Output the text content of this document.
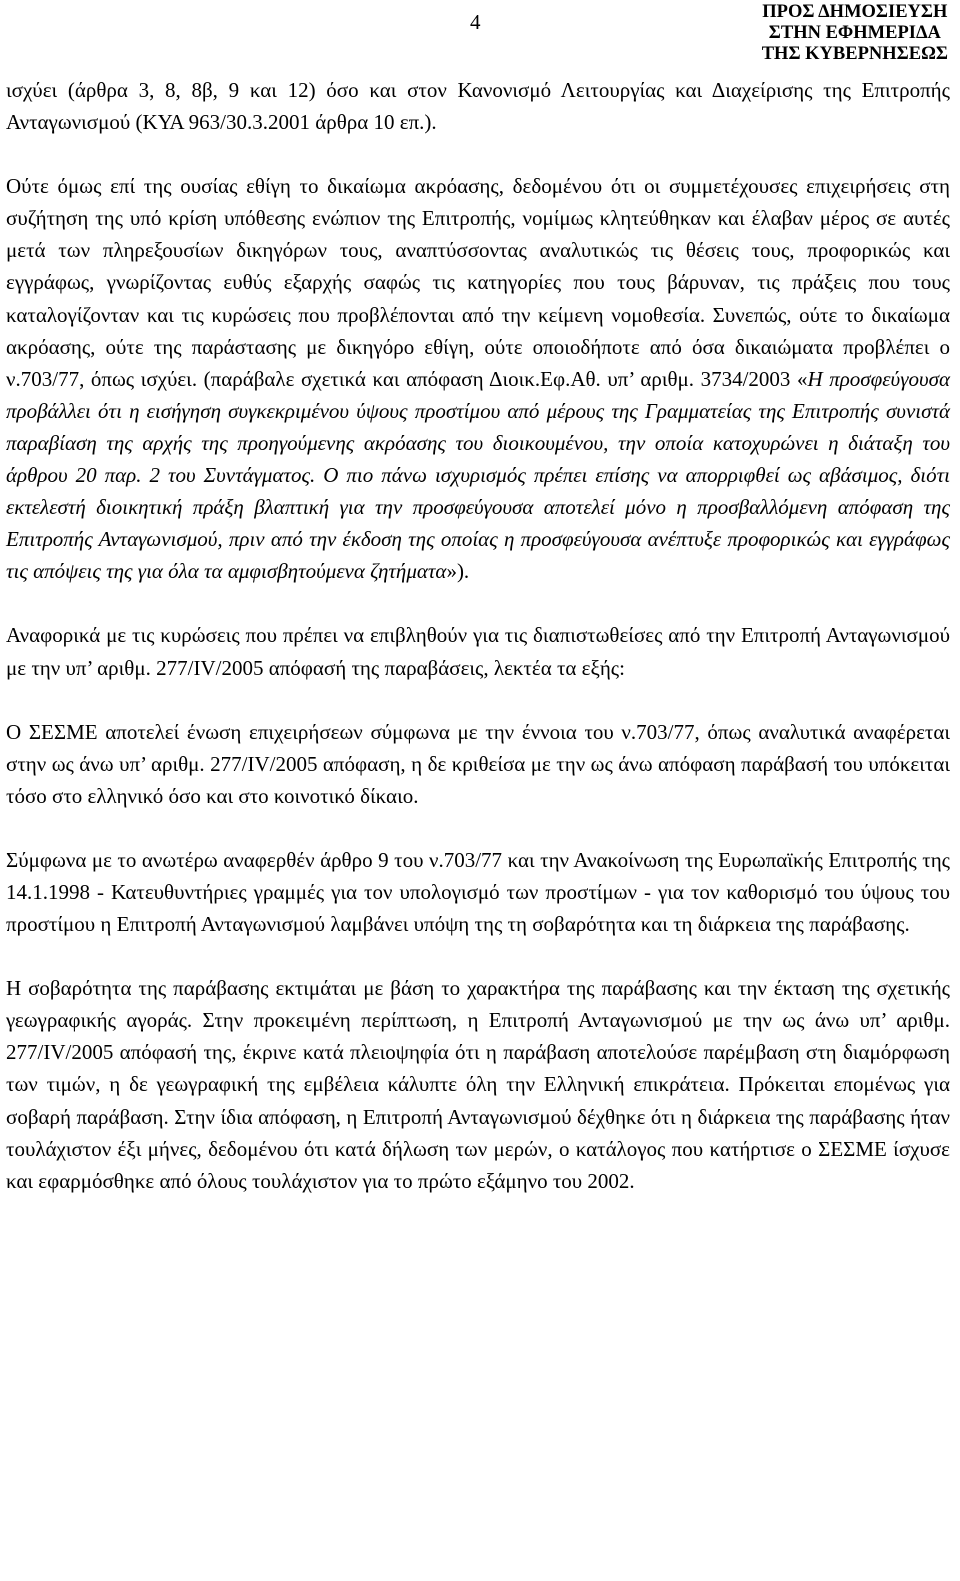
4	ΠΡΟΣ ΔΗΜΟΣΙΕΥΣΗ
ΣΤΗΝ ΕΦΗΜΕΡΙΔΑ
ΤΗΣ ΚΥΒΕΡΝΗΣΕΩΣ

ισχύει (άρθρα 3, 8, 8β, 9 και 12) όσο και στον Κανονισμό Λειτουργίας και Διαχείρισης της Επιτροπής Ανταγωνισμού (ΚΥΑ 963/30.3.2001 άρθρα 10 επ.).

Ούτε όμως επί της ουσίας εθίγη το δικαίωμα ακρόασης, δεδομένου ότι οι συμμετέχουσες επιχειρήσεις στη συζήτηση της υπό κρίση υπόθεσης ενώπιον της Επιτροπής, νομίμως κλητεύθηκαν και έλαβαν μέρος σε αυτές μετά των πληρεξουσίων δικηγόρων τους, αναπτύσσοντας αναλυτικώς τις θέσεις τους, προφορικώς και εγγράφως, γνωρίζοντας ευθύς εξαρχής σαφώς τις κατηγορίες που τους βάρυναν, τις πράξεις που τους καταλογίζονταν και τις κυρώσεις που προβλέπονται από την κείμενη νομοθεσία. Συνεπώς, ούτε το δικαίωμα ακρόασης, ούτε της παράστασης με δικηγόρο εθίγη, ούτε οποιοδήποτε από όσα δικαιώματα προβλέπει ο ν.703/77, όπως ισχύει. (παράβαλε σχετικά και απόφαση Διοικ.Εφ.Αθ. υπ’ αριθμ. 3734/2003 «Η προσφεύγουσα προβάλλει ότι η εισήγηση συγκεκριμένου ύψους προστίμου από μέρους της Γραμματείας της Επιτροπής συνιστά παραβίαση της αρχής της προηγούμενης ακρόασης του διοικουμένου, την οποία κατοχυρώνει η διάταξη του άρθρου 20 παρ. 2 του Συντάγματος. Ο πιο πάνω ισχυρισμός πρέπει επίσης να απορριφθεί ως αβάσιμος, διότι εκτελεστή διοικητική πράξη βλαπτική για την προσφεύγουσα αποτελεί μόνο η προσβαλλόμενη απόφαση της Επιτροπής Ανταγωνισμού, πριν από την έκδοση της οποίας η προσφεύγουσα ανέπτυξε προφορικώς και εγγράφως τις απόψεις της για όλα τα αμφισβητούμενα ζητήματα»).

Αναφορικά με τις κυρώσεις που πρέπει να επιβληθούν για τις διαπιστωθείσες από την Επιτροπή Ανταγωνισμού με την υπ’ αριθμ. 277/IV/2005 απόφασή της παραβάσεις, λεκτέα τα εξής:

Ο ΣΕΣΜΕ αποτελεί ένωση επιχειρήσεων σύμφωνα με την έννοια του ν.703/77, όπως αναλυτικά αναφέρεται στην ως άνω υπ’ αριθμ. 277/IV/2005 απόφαση, η δε κριθείσα με την ως άνω απόφαση παράβασή του υπόκειται τόσο στο ελληνικό όσο και στο κοινοτικό δίκαιο.

Σύμφωνα με το ανωτέρω αναφερθέν άρθρο 9 του ν.703/77 και την Ανακοίνωση της Ευρωπαϊκής Επιτροπής της 14.1.1998 - Κατευθυντήριες γραμμές για τον υπολογισμό των προστίμων - για τον καθορισμό του ύψους του προστίμου η Επιτροπή Ανταγωνισμού λαμβάνει υπόψη της τη σοβαρότητα και τη διάρκεια της παράβασης.

Η σοβαρότητα της παράβασης εκτιμάται με βάση το χαρακτήρα της παράβασης και την έκταση της σχετικής γεωγραφικής αγοράς. Στην προκειμένη περίπτωση, η Επιτροπή Ανταγωνισμού με την ως άνω υπ’ αριθμ. 277/IV/2005 απόφασή της, έκρινε κατά πλειοψηφία ότι η παράβαση αποτελούσε παρέμβαση στη διαμόρφωση των τιμών, η δε γεωγραφική της εμβέλεια κάλυπτε όλη την Ελληνική επικράτεια. Πρόκειται επομένως για σοβαρή παράβαση. Στην ίδια απόφαση, η Επιτροπή Ανταγωνισμού δέχθηκε ότι η διάρκεια της παράβασης ήταν τουλάχιστον έξι μήνες, δεδομένου ότι κατά δήλωση των μερών, ο κατάλογος που κατήρτισε ο ΣΕΣΜΕ ίσχυσε και εφαρμόσθηκε από όλους τουλάχιστον για το πρώτο εξάμηνο του 2002.
